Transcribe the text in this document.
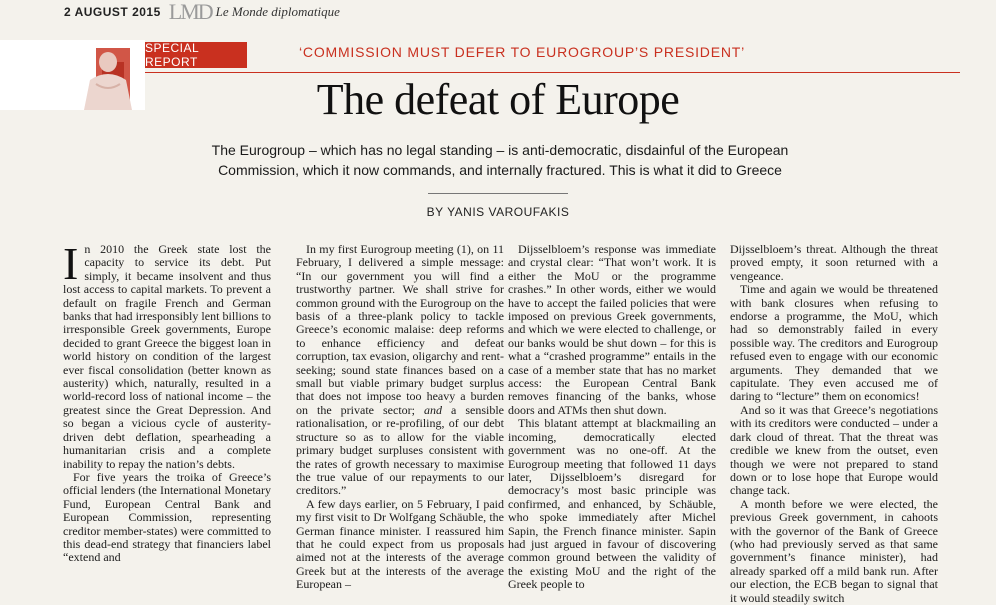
2 AUGUST 2015 LMD Le Monde diplomatique
SPECIAL REPORT
‘COMMISSION MUST DEFER TO EUROGROUP’S PRESIDENT’
The defeat of Europe
The Eurogroup – which has no legal standing – is anti-democratic, disdainful of the European Commission, which it now commands, and internally fractured. This is what it did to Greece
BY YANIS VAROUFAKIS

In 2010 the Greek state lost the capacity to service its debt. Put simply, it became insolvent and thus lost access to capital markets. To prevent a default on fragile French and German banks that had irresponsibly lent billions to irresponsible Greek governments, Europe decided to grant Greece the biggest loan in world history on condition of the largest ever fiscal consolidation (better known as austerity) which, naturally, resulted in a world-record loss of national income – the greatest since the Great Depression. And so began a vicious cycle of austerity-driven debt deflation, spearheading a humanitarian crisis and a complete inability to repay the nation’s debts.

For five years the troika of Greece’s official lenders (the International Monetary Fund, European Central Bank and European Commission, representing creditor member-states) were committed to this dead-end strategy that financiers label “extend and

In my first Eurogroup meeting (1), on 11 February, I delivered a simple message: “In our government you will find a trustworthy partner. We shall strive for common ground with the Eurogroup on the basis of a three-plank policy to tackle Greece’s economic malaise: deep reforms to enhance efficiency and defeat corruption, tax evasion, oligarchy and rent-seeking; sound state finances based on a small but viable primary budget surplus that does not impose too heavy a burden on the private sector; and a sensible rationalisation, or re-profiling, of our debt structure so as to allow for the viable primary budget surpluses consistent with the rates of growth necessary to maximise the true value of our repayments to our creditors.”

A few days earlier, on 5 February, I paid my first visit to Dr Wolfgang Schäuble, the German finance minister. I reassured him that he could expect from us proposals aimed not at the interests of the average Greek but at the interests of the average European –

Dijsselbloem’s response was immediate and crystal clear: “That won’t work. It is either the MoU or the programme crashes.” In other words, either we would have to accept the failed policies that were imposed on previous Greek governments, and which we were elected to challenge, or our banks would be shut down – for this is what a “crashed programme” entails in the case of a member state that has no market access: the European Central Bank removes financing of the banks, whose doors and ATMs then shut down.

This blatant attempt at blackmailing an incoming, democratically elected government was no one-off. At the Eurogroup meeting that followed 11 days later, Dijsselbloem’s disregard for democracy’s most basic principle was confirmed, and enhanced, by Schäuble, who spoke immediately after Michel Sapin, the French finance minister. Sapin had just argued in favour of discovering common ground between the validity of the existing MoU and the right of the Greek people to

Dijsselbloem’s threat. Although the threat proved empty, it soon returned with a vengeance.

Time and again we would be threatened with bank closures when refusing to endorse a programme, the MoU, which had so demonstrably failed in every possible way. The creditors and Eurogroup refused even to engage with our economic arguments. They demanded that we capitulate. They even accused me of daring to “lecture” them on economics!

And so it was that Greece’s negotiations with its creditors were conducted – under a dark cloud of threat. That the threat was credible we knew from the outset, even though we were not prepared to stand down or to lose hope that Europe would change tack.

A month before we were elected, the previous Greek government, in cahoots with the governor of the Bank of Greece (who had previously served as that same government’s finance minister), had already sparked off a mild bank run. After our election, the ECB began to signal that it would steadily switch
